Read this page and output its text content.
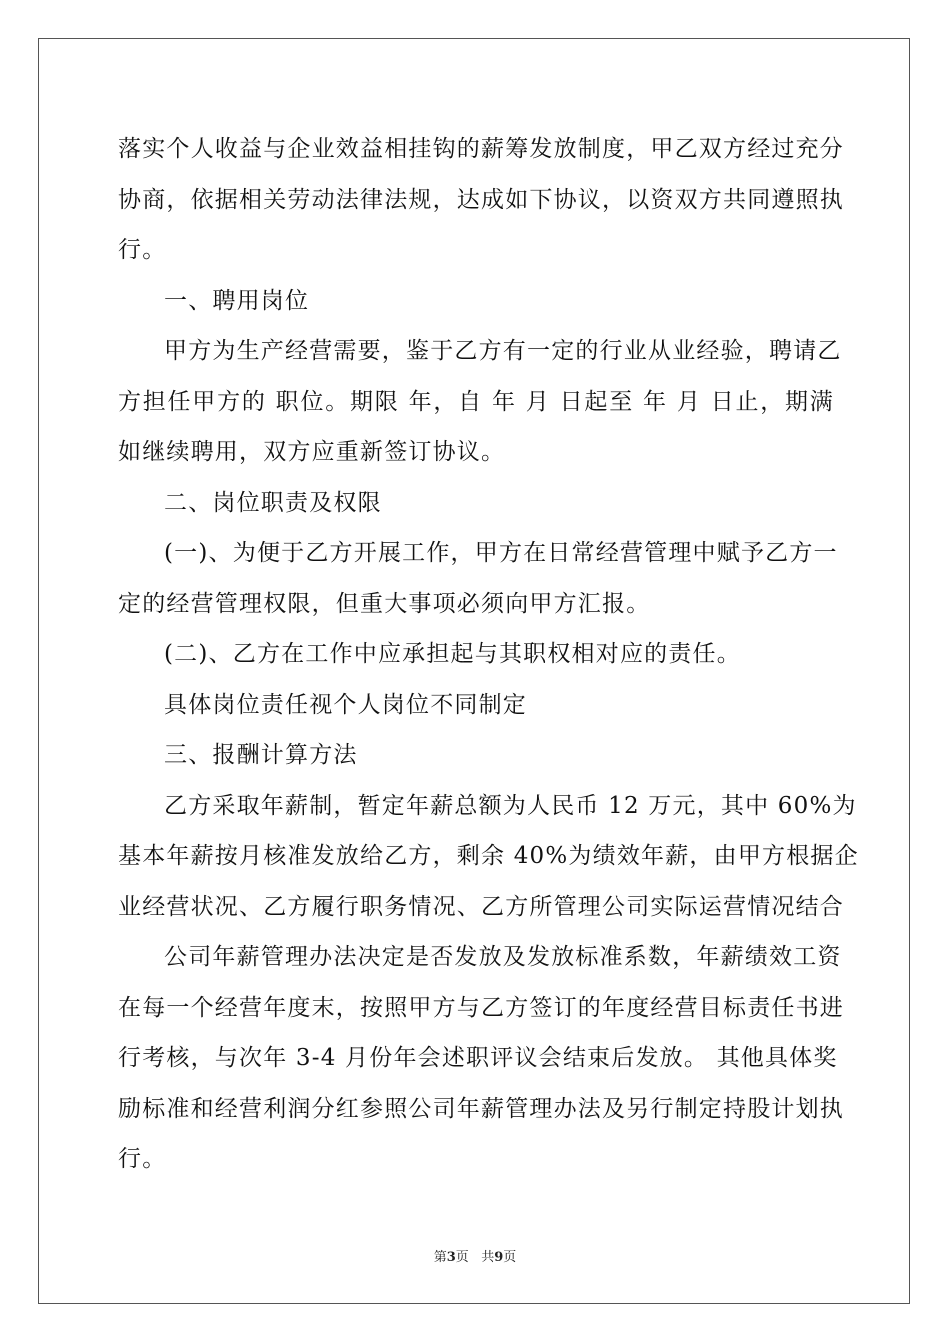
落实个人收益与企业效益相挂钩的薪筹发放制度，甲乙双方经过充分
协商，依据相关劳动法律法规，达成如下协议，以资双方共同遵照执
行。
一、聘用岗位
甲方为生产经营需要，鉴于乙方有一定的行业从业经验，聘请乙
方担任甲方的 职位。期限 年，自 年 月 日起至 年 月 日止，期满
如继续聘用，双方应重新签订协议。
二、岗位职责及权限
(一)、为便于乙方开展工作，甲方在日常经营管理中赋予乙方一
定的经营管理权限，但重大事项必须向甲方汇报。
(二)、乙方在工作中应承担起与其职权相对应的责任。
具体岗位责任视个人岗位不同制定
三、报酬计算方法
乙方采取年薪制，暂定年薪总额为人民币 12 万元，其中 60%为
基本年薪按月核准发放给乙方，剩余 40%为绩效年薪，由甲方根据企
业经营状况、乙方履行职务情况、乙方所管理公司实际运营情况结合
公司年薪管理办法决定是否发放及发放标准系数，年薪绩效工资
在每一个经营年度末，按照甲方与乙方签订的年度经营目标责任书进
行考核，与次年 3-4 月份年会述职评议会结束后发放。 其他具体奖
励标准和经营利润分红参照公司年薪管理办法及另行制定持股计划执
行。
第3页 共9页
